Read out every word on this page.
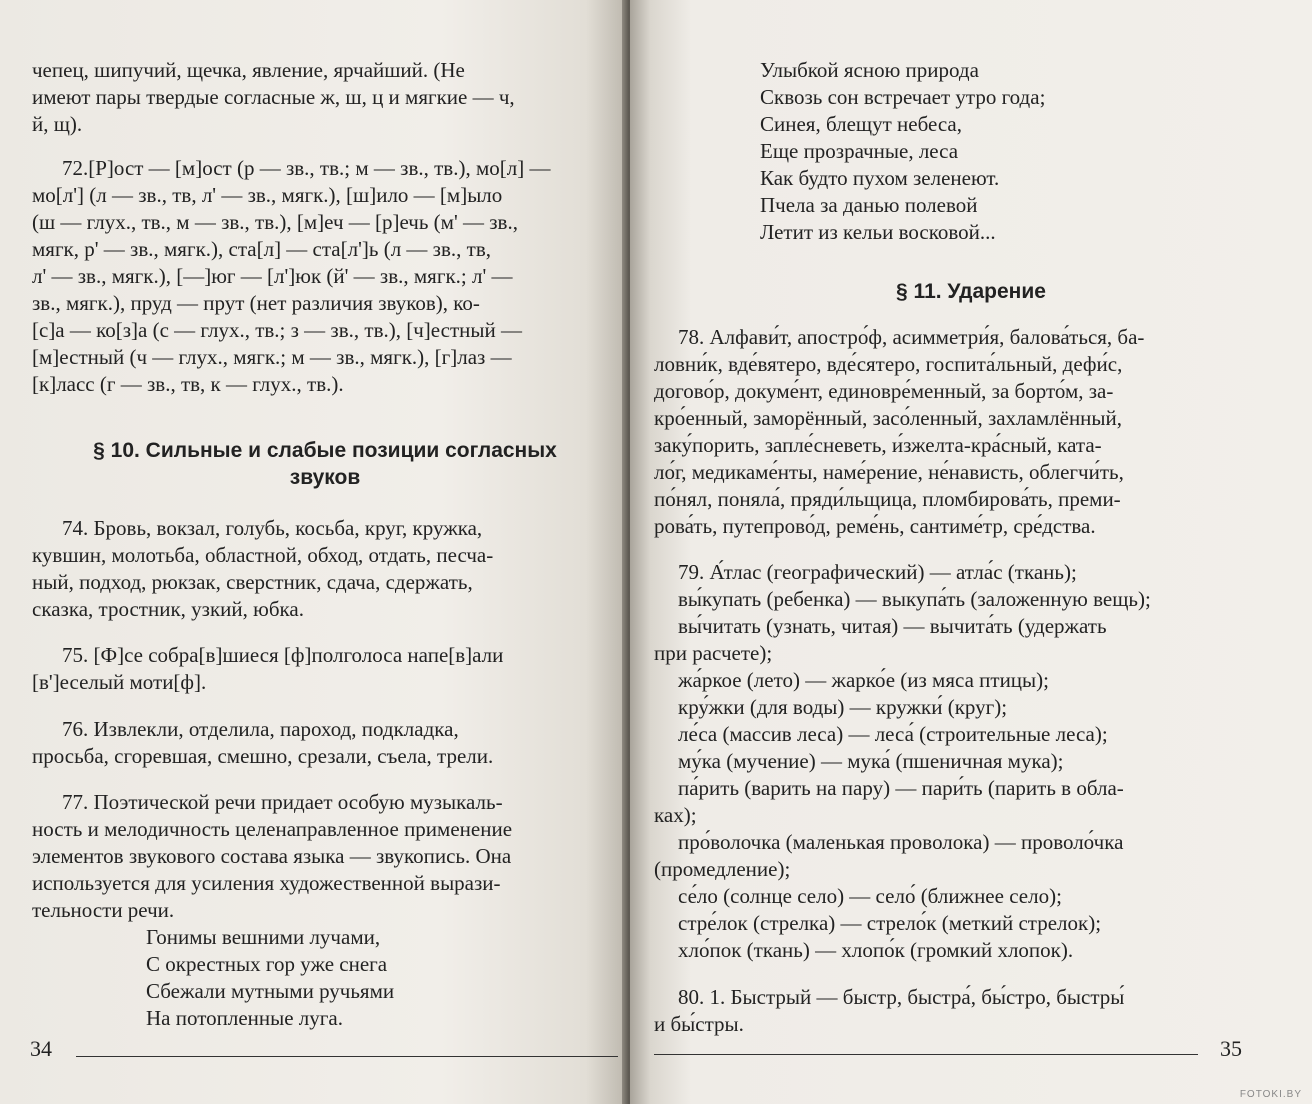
чепец, шипучий, щечка, явление, ярчайший. (Не

имеют пары твердые согласные ж, ш, ц и мягкие — ч,

й, щ).

72.[Р]ост — [м]ост (р — зв., тв.; м — зв., тв.), мо[л] —

мо[л'] (л — зв., тв, л' — зв., мягк.), [ш]ило — [м]ыло

(ш — глух., тв., м — зв., тв.), [м]еч — [р]ечь (м' — зв.,

мягк, р' — зв., мягк.), ста[л] — ста[л']ь (л — зв., тв,

л' — зв., мягк.), [—]юг — [л']юк (й' — зв., мягк.; л' —

зв., мягк.), пруд — прут (нет различия звуков), ко-

[с]а — ко[з]а (с — глух., тв.; з — зв., тв.), [ч]естный —

[м]естный (ч — глух., мягк.; м — зв., мягк.), [г]лаз —

[к]ласс (г — зв., тв, к — глух., тв.).

§ 10. Сильные и слабые позиции согласных
звуков

74. Бровь, вокзал, голубь, косьба, круг, кружка,

кувшин, молотьба, областной, обход, отдать, песча-

ный, подход, рюкзак, сверстник, сдача, сдержать,

сказка, тростник, узкий, юбка.

75. [Ф]се собра[в]шиеся [ф]полголоса напе[в]али

[в']еселый моти[ф].

76. Извлекли, отделила, пароход, подкладка,

просьба, сгоревшая, смешно, срезали, съела, трели.

77. Поэтической речи придает особую музыкаль-

ность и мелодичность целенаправленное применение

элементов звукового состава языка — звукопись. Она

используется для усиления художественной вырази-

тельности речи.

Гонимы вешними лучами,

С окрестных гор уже снега

Сбежали мутными ручьями

На потопленные луга.

34

Улыбкой ясною природа

Сквозь сон встречает утро года;

Синея, блещут небеса,

Еще прозрачные, леса

Как будто пухом зеленеют.

Пчела за данью полевой

Летит из кельи восковой...

§ 11. Ударение

78. Алфави́т, апостро́ф, асимметри́я, балова́ться, ба-

ловни́к, вде́вятеро, вде́сятеро, госпита́льный, дефи́с,

догово́р, докуме́нт, единовре́менный, за борто́м, за-

кро́енный, заморённый, засо́ленный, захламлённый,

заку́порить, запле́сневеть, и́зжелта-кра́сный, ката-

ло́г, медикаме́нты, наме́рение, не́нависть, облегчи́ть,

по́нял, поняла́, пряди́льщица, пломбирова́ть, преми-

рова́ть, путепрово́д, реме́нь, сантиме́тр, сре́дства.

79. А́тлас (географический) — атла́с (ткань);

вы́купать (ребенка) — выкупа́ть (заложенную вещь);

вы́читать (узнать, читая) — вычита́ть (удержать

при расчете);

жа́ркое (лето) — жарко́е (из мяса птицы);

кру́жки (для воды) — кружки́ (круг);

ле́са (массив леса) — леса́ (строительные леса);

му́ка (мучение) — мука́ (пшеничная мука);

па́рить (варить на пару) — пари́ть (парить в обла-

ках);

про́волочка (маленькая проволока) — проволо́чка

(промедление);

се́ло (солнце село) — село́ (ближнее село);

стре́лок (стрелка) — стрело́к (меткий стрелок);

хло́пок (ткань) — хлопо́к (громкий хлопок).

80. 1. Быстрый — быстр, быстра́, бы́стро, быстры́

и бы́стры.

35
FOTOKI.BY
